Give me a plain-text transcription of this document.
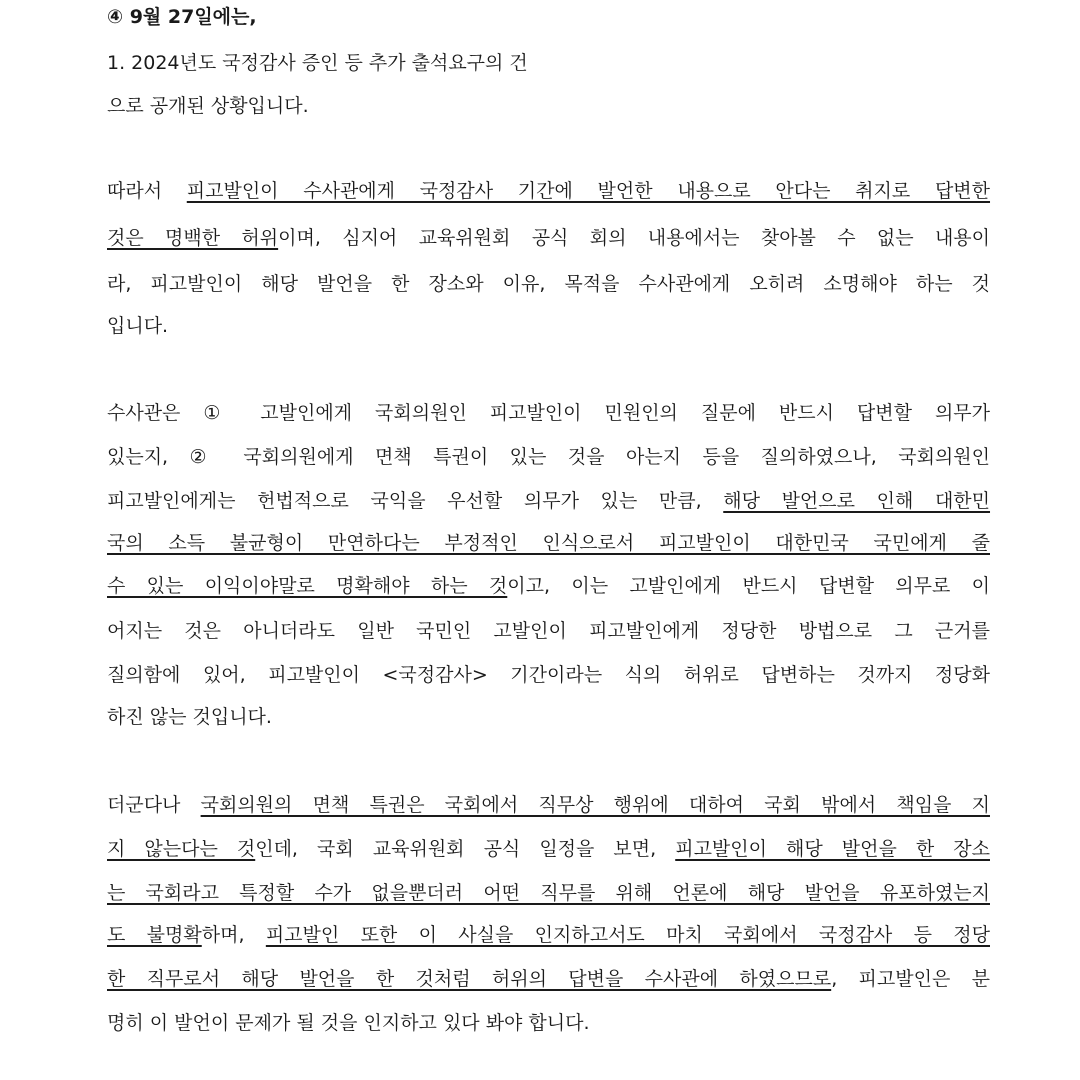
④ 9월 27일에는,
1. 2024년도 국정감사 증인 등 추가 출석요구의 건
으로 공개된 상황입니다.
따라서 피고발인이 수사관에게 국정감사 기간에 발언한 내용으로 안다는 취지로 답변한
것은 명백한 허위이며, 심지어 교육위원회 공식 회의 내용에서는 찾아볼 수 없는 내용이
라, 피고발인이 해당 발언을 한 장소와 이유, 목적을 수사관에게 오히려 소명해야 하는 것
입니다.
수사관은 ① 고발인에게 국회의원인 피고발인이 민원인의 질문에 반드시 답변할 의무가
있는지, ② 국회의원에게 면책 특권이 있는 것을 아는지 등을 질의하였으나, 국회의원인
피고발인에게는 헌법적으로 국익을 우선할 의무가 있는 만큼, 해당 발언으로 인해 대한민
국의 소득 불균형이 만연하다는 부정적인 인식으로서 피고발인이 대한민국 국민에게 줄
수 있는 이익이야말로 명확해야 하는 것이고, 이는 고발인에게 반드시 답변할 의무로 이
어지는 것은 아니더라도 일반 국민인 고발인이 피고발인에게 정당한 방법으로 그 근거를
질의함에 있어, 피고발인이 <국정감사> 기간이라는 식의 허위로 답변하는 것까지 정당화
하진 않는 것입니다.
더군다나 국회의원의 면책 특권은 국회에서 직무상 행위에 대하여 국회 밖에서 책임을 지
지 않는다는 것인데, 국회 교육위원회 공식 일정을 보면, 피고발인이 해당 발언을 한 장소
는 국회라고 특정할 수가 없을뿐더러 어떤 직무를 위해 언론에 해당 발언을 유포하였는지
도 불명확하며, 피고발인 또한 이 사실을 인지하고서도 마치 국회에서 국정감사 등 정당
한 직무로서 해당 발언을 한 것처럼 허위의 답변을 수사관에 하였으므로, 피고발인은 분
명히 이 발언이 문제가 될 것을 인지하고 있다 봐야 합니다.
